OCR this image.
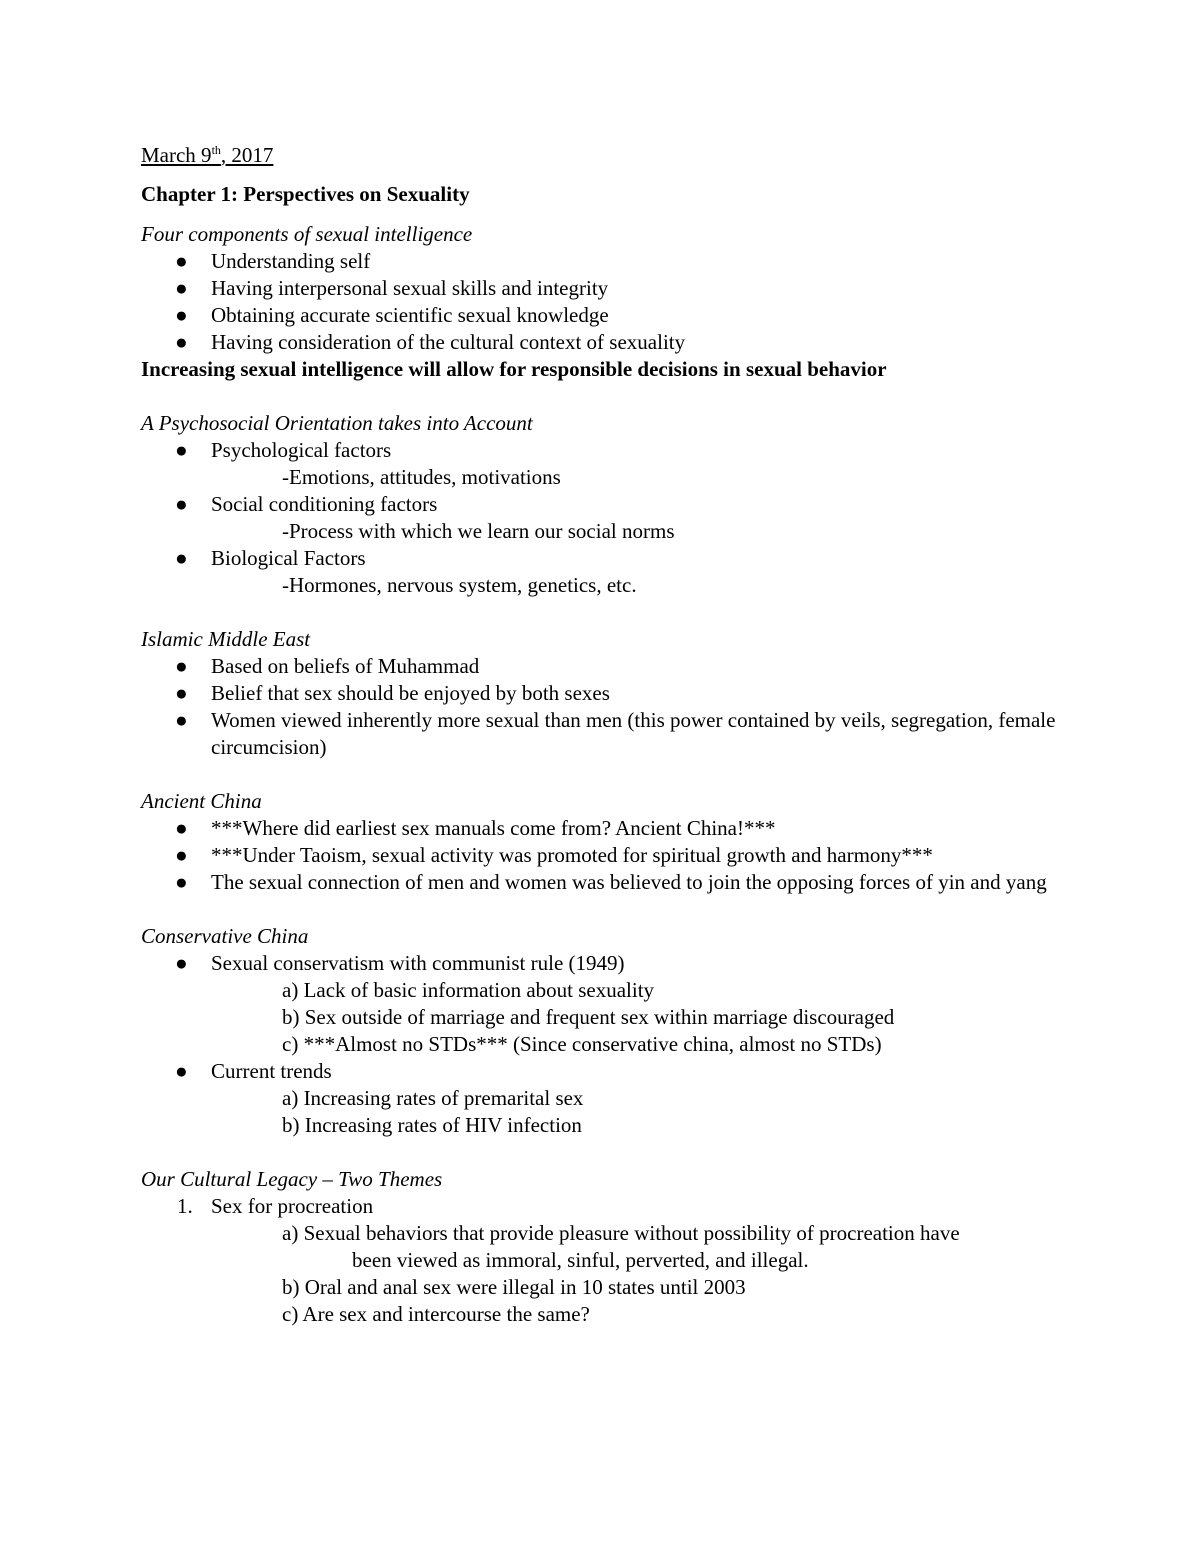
March 9th, 2017

Chapter 1: Perspectives on Sexuality

Four components of sexual intelligence

● Understanding self
● Having interpersonal sexual skills and integrity
● Obtaining accurate scientific sexual knowledge
● Having consideration of the cultural context of sexuality

Increasing sexual intelligence will allow for responsible decisions in sexual behavior

A Psychosocial Orientation takes into Account

● Psychological factors
-Emotions, attitudes, motivations
● Social conditioning factors
-Process with which we learn our social norms
● Biological Factors
-Hormones, nervous system, genetics, etc.

Islamic Middle East

● Based on beliefs of Muhammad
● Belief that sex should be enjoyed by both sexes
● Women viewed inherently more sexual than men (this power contained by veils, segregation, female circumcision)

Ancient China

● ***Where did earliest sex manuals come from? Ancient China!***
● ***Under Taoism, sexual activity was promoted for spiritual growth and harmony***
● The sexual connection of men and women was believed to join the opposing forces of yin and yang

Conservative China

● Sexual conservatism with communist rule (1949)
a) Lack of basic information about sexuality
b) Sex outside of marriage and frequent sex within marriage discouraged
c) ***Almost no STDs*** (Since conservative china, almost no STDs)
● Current trends
a) Increasing rates of premarital sex
b) Increasing rates of HIV infection

Our Cultural Legacy – Two Themes

1. Sex for procreation
a) Sexual behaviors that provide pleasure without possibility of procreation have
been viewed as immoral, sinful, perverted, and illegal.
b) Oral and anal sex were illegal in 10 states until 2003
c) Are sex and intercourse the same?
